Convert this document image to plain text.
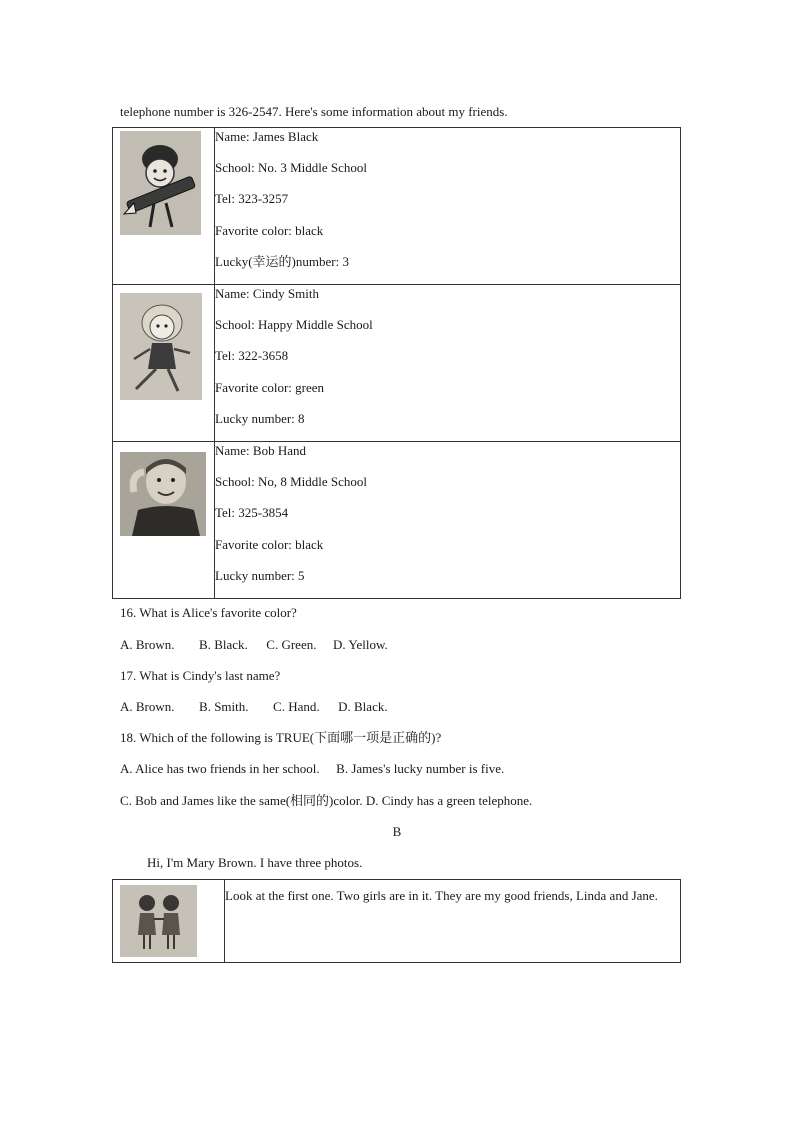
telephone number is 326-2547. Here's some information about my friends.

Name: James Black
School: No. 3 Middle School
Tel: 323-3257
Favorite color: black
Lucky(幸运的)number: 3

Name: Cindy Smith
School: Happy Middle School
Tel: 322-3658
Favorite color: green
Lucky number: 8

Name: Bob Hand
School: No, 8 Middle School
Tel: 325-3854
Favorite color: black
Lucky number: 5
16. What is Alice's favorite color?
A. Brown. B. Black. C. Green. D. Yellow.
17. What is Cindy's last name?
A. Brown. B. Smith. C. Hand. D. Black.
18. Which of the following is TRUE(下面哪一项是正确的)?
A. Alice has two friends in her school. B. James's lucky number is five.
C. Bob and James like the same(相同的)color. D. Cindy has a green telephone.
B
Hi, I'm Mary Brown. I have three photos.
	Look at the first one. Two girls are in it. They are my good friends, Linda and Jane.
